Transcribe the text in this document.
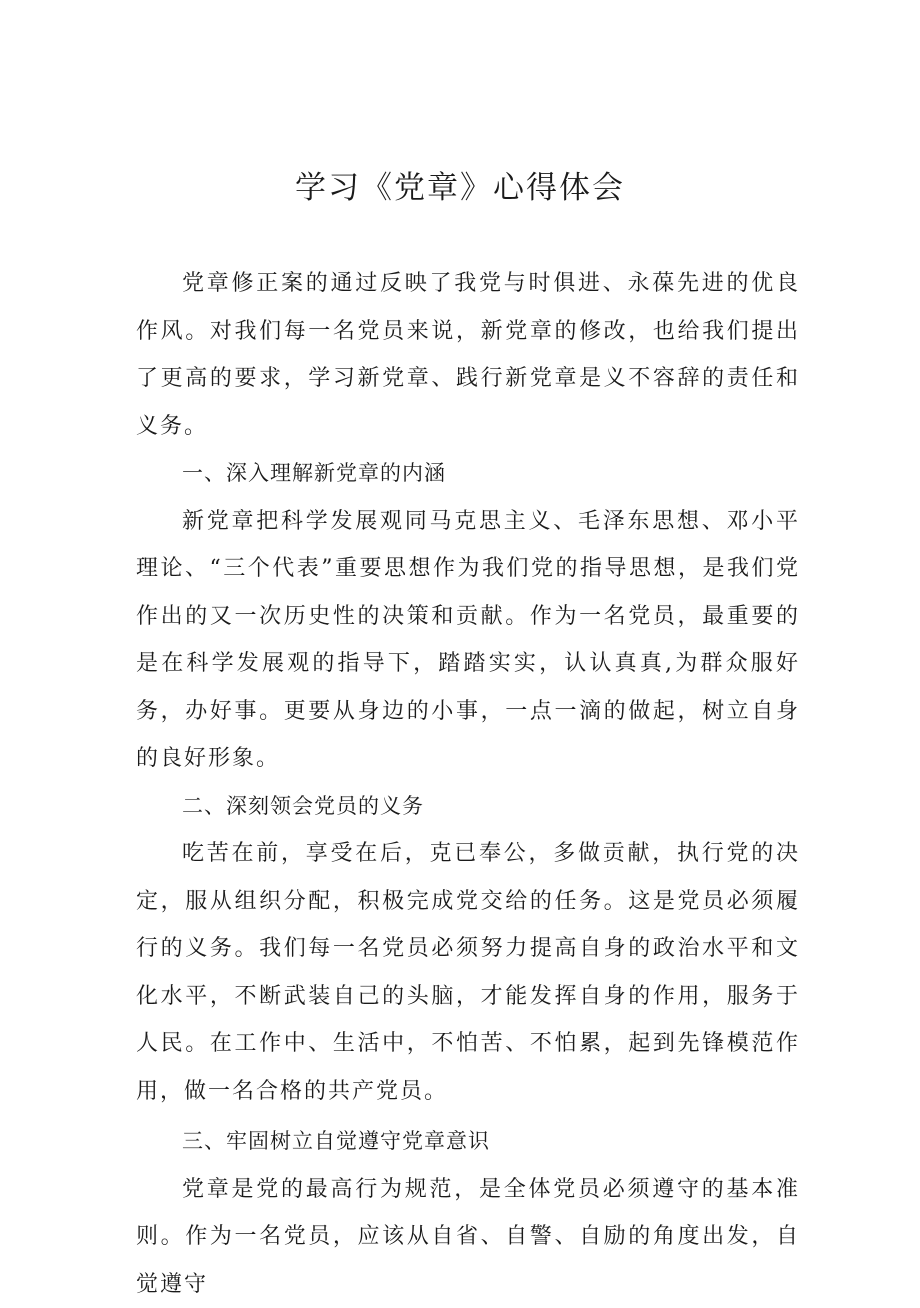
学习《党章》心得体会

党章修正案的通过反映了我党与时俱进、永葆先进的优良作风。对我们每一名党员来说，新党章的修改，也给我们提出了更高的要求，学习新党章、践行新党章是义不容辞的责任和义务。

一、深入理解新党章的内涵

新党章把科学发展观同马克思主义、毛泽东思想、邓小平理论、“三个代表”重要思想作为我们党的指导思想，是我们党作出的又一次历史性的决策和贡献。作为一名党员，最重要的是在科学发展观的指导下，踏踏实实，认认真真,为群众服好务，办好事。更要从身边的小事，一点一滴的做起，树立自身的良好形象。

二、深刻领会党员的义务

吃苦在前，享受在后，克已奉公，多做贡献，执行党的决定，服从组织分配，积极完成党交给的任务。这是党员必须履行的义务。我们每一名党员必须努力提高自身的政治水平和文化水平，不断武装自己的头脑，才能发挥自身的作用，服务于人民。在工作中、生活中，不怕苦、不怕累，起到先锋模范作用，做一名合格的共产党员。

三、牢固树立自觉遵守党章意识

党章是党的最高行为规范，是全体党员必须遵守的基本准则。作为一名党员，应该从自省、自警、自励的角度出发，自觉遵守
